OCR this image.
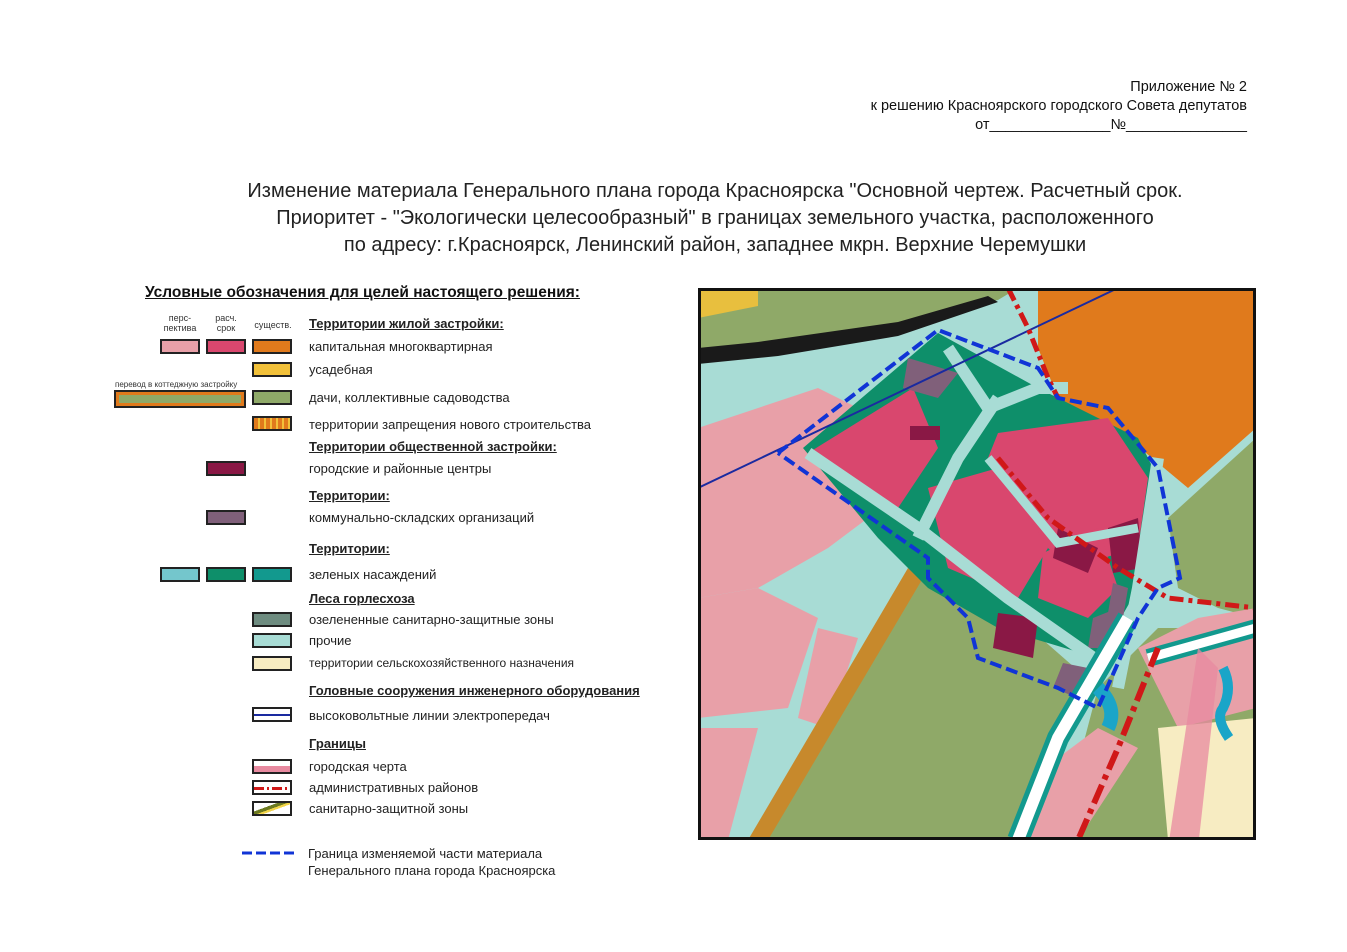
Приложение № 2
к решению Красноярского городского Совета депутатов
от_______________№_______________
Изменение материала Генерального плана города Красноярска "Основной чертеж. Расчетный срок.
Приоритет - "Экологически целесообразный" в границах земельного участка, расположенного
по адресу: г.Красноярск, Ленинский район, западнее мкрн. Верхние Черемушки
Условные обозначения для целей настоящего решения:
перс-
пектива
расч.
срок	существ.	Территории жилой застройки:
капитальная многоквартирная
усадебная
перевод в коттеджную застройку
дачи, коллективные садоводства
территории запрещения нового строительства
Территории общественной застройки:
городские и районные центры
Территории:
коммунально-складских организаций
Территории:
зеленых насаждений
Леса горлесхоза
озелененные санитарно-защитные зоны
прочие
территории сельскохозяйственного назначения
Головные сооружения инженерного оборудования
высоковольтные линии электропередач
Границы
городская черта
административных районов
санитарно-защитной зоны
Граница изменяемой части материала
Генерального плана города Красноярска
